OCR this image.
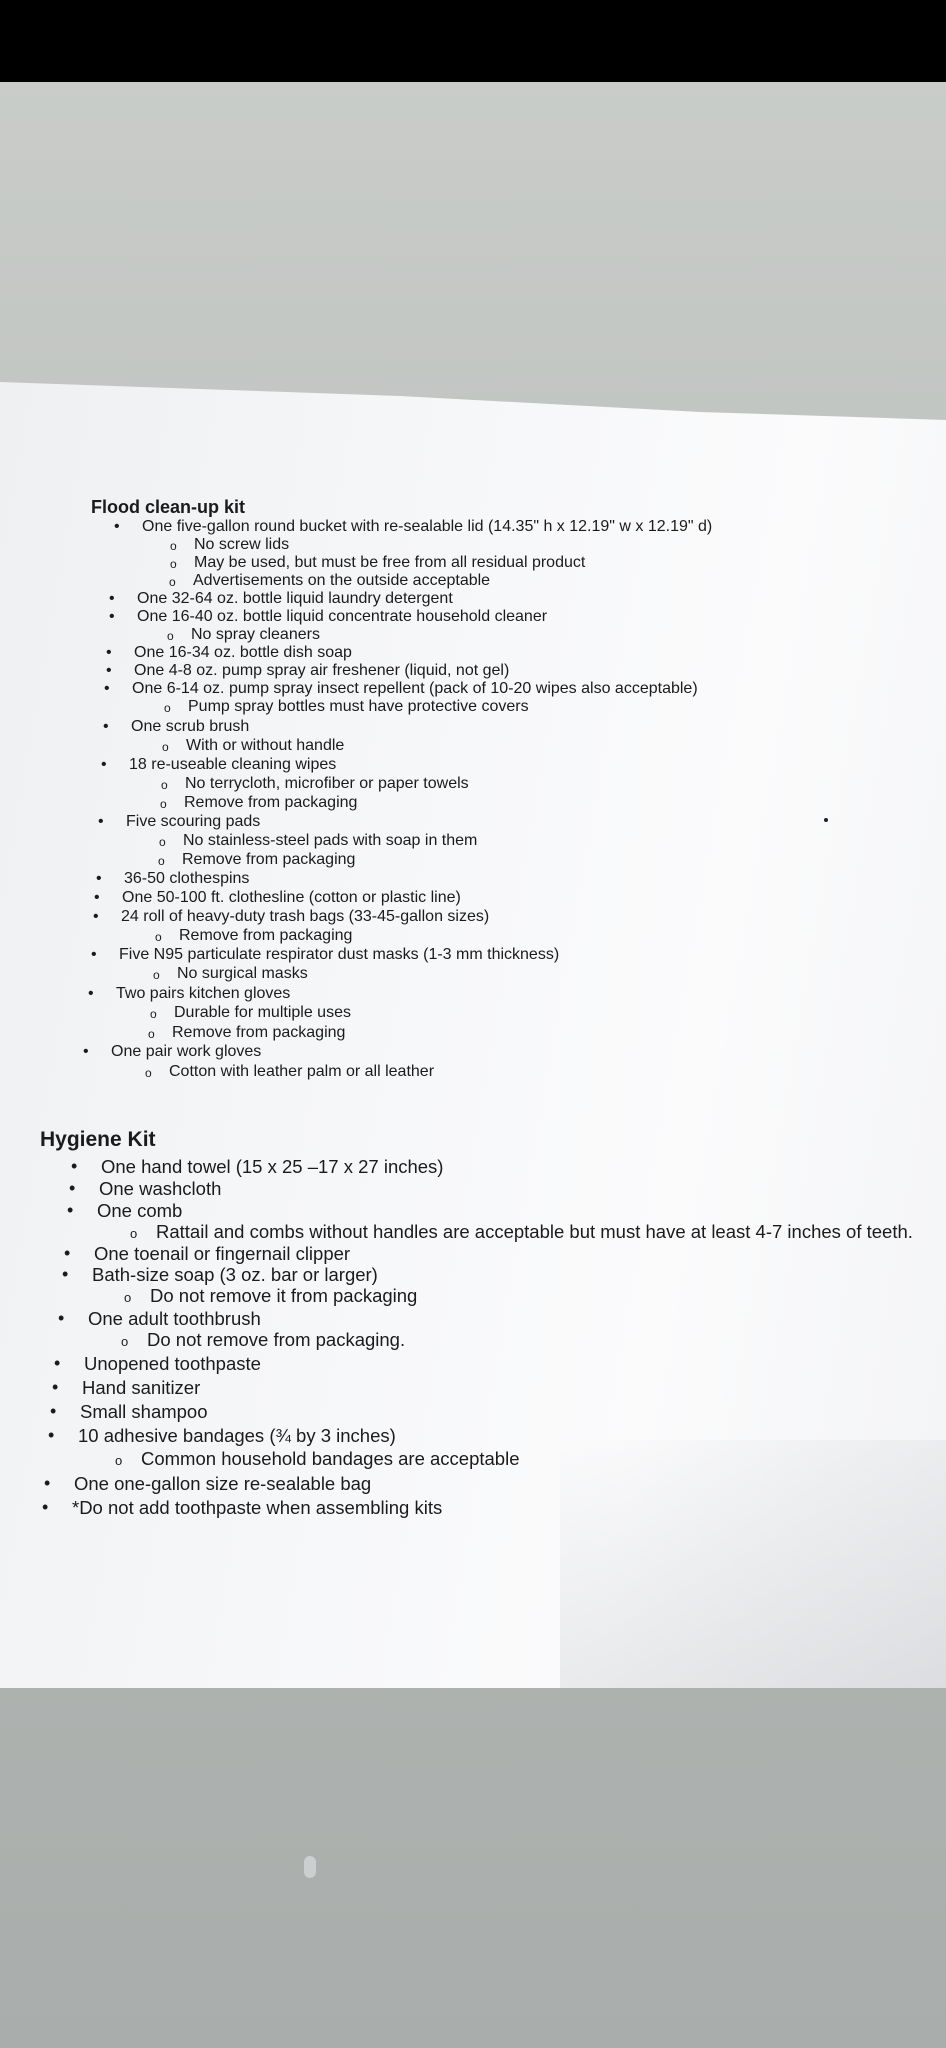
Flood clean-up kit
• One five-gallon round bucket with re-sealable lid (14.35" h x 12.19" w x 12.19" d)
o No screw lids
o May be used, but must be free from all residual product
o Advertisements on the outside acceptable
• One 32-64 oz. bottle liquid laundry detergent
• One 16-40 oz. bottle liquid concentrate household cleaner
o No spray cleaners
• One 16-34 oz. bottle dish soap
• One 4-8 oz. pump spray air freshener (liquid, not gel)
• One 6-14 oz. pump spray insect repellent (pack of 10-20 wipes also acceptable)
o Pump spray bottles must have protective covers
• One scrub brush
o With or without handle
• 18 re-useable cleaning wipes
o No terrycloth, microfiber or paper towels
o Remove from packaging
• Five scouring pads
o No stainless-steel pads with soap in them
o Remove from packaging
• 36-50 clothespins
• One 50-100 ft. clothesline (cotton or plastic line)
• 24 roll of heavy-duty trash bags (33-45-gallon sizes)
o Remove from packaging
• Five N95 particulate respirator dust masks (1-3 mm thickness)
o No surgical masks
• Two pairs kitchen gloves
o Durable for multiple uses
o Remove from packaging
• One pair work gloves
o Cotton with leather palm or all leather
Hygiene Kit
• One hand towel (15 x 25 –17 x 27 inches)
• One washcloth
• One comb
o Rattail and combs without handles are acceptable but must have at least 4-7 inches of teeth.
• One toenail or fingernail clipper
• Bath-size soap (3 oz. bar or larger)
o Do not remove it from packaging
• One adult toothbrush
o Do not remove from packaging.
• Unopened toothpaste
• Hand sanitizer
• Small shampoo
• 10 adhesive bandages (¾ by 3 inches)
o Common household bandages are acceptable
• One one-gallon size re-sealable bag
• *Do not add toothpaste when assembling kits
